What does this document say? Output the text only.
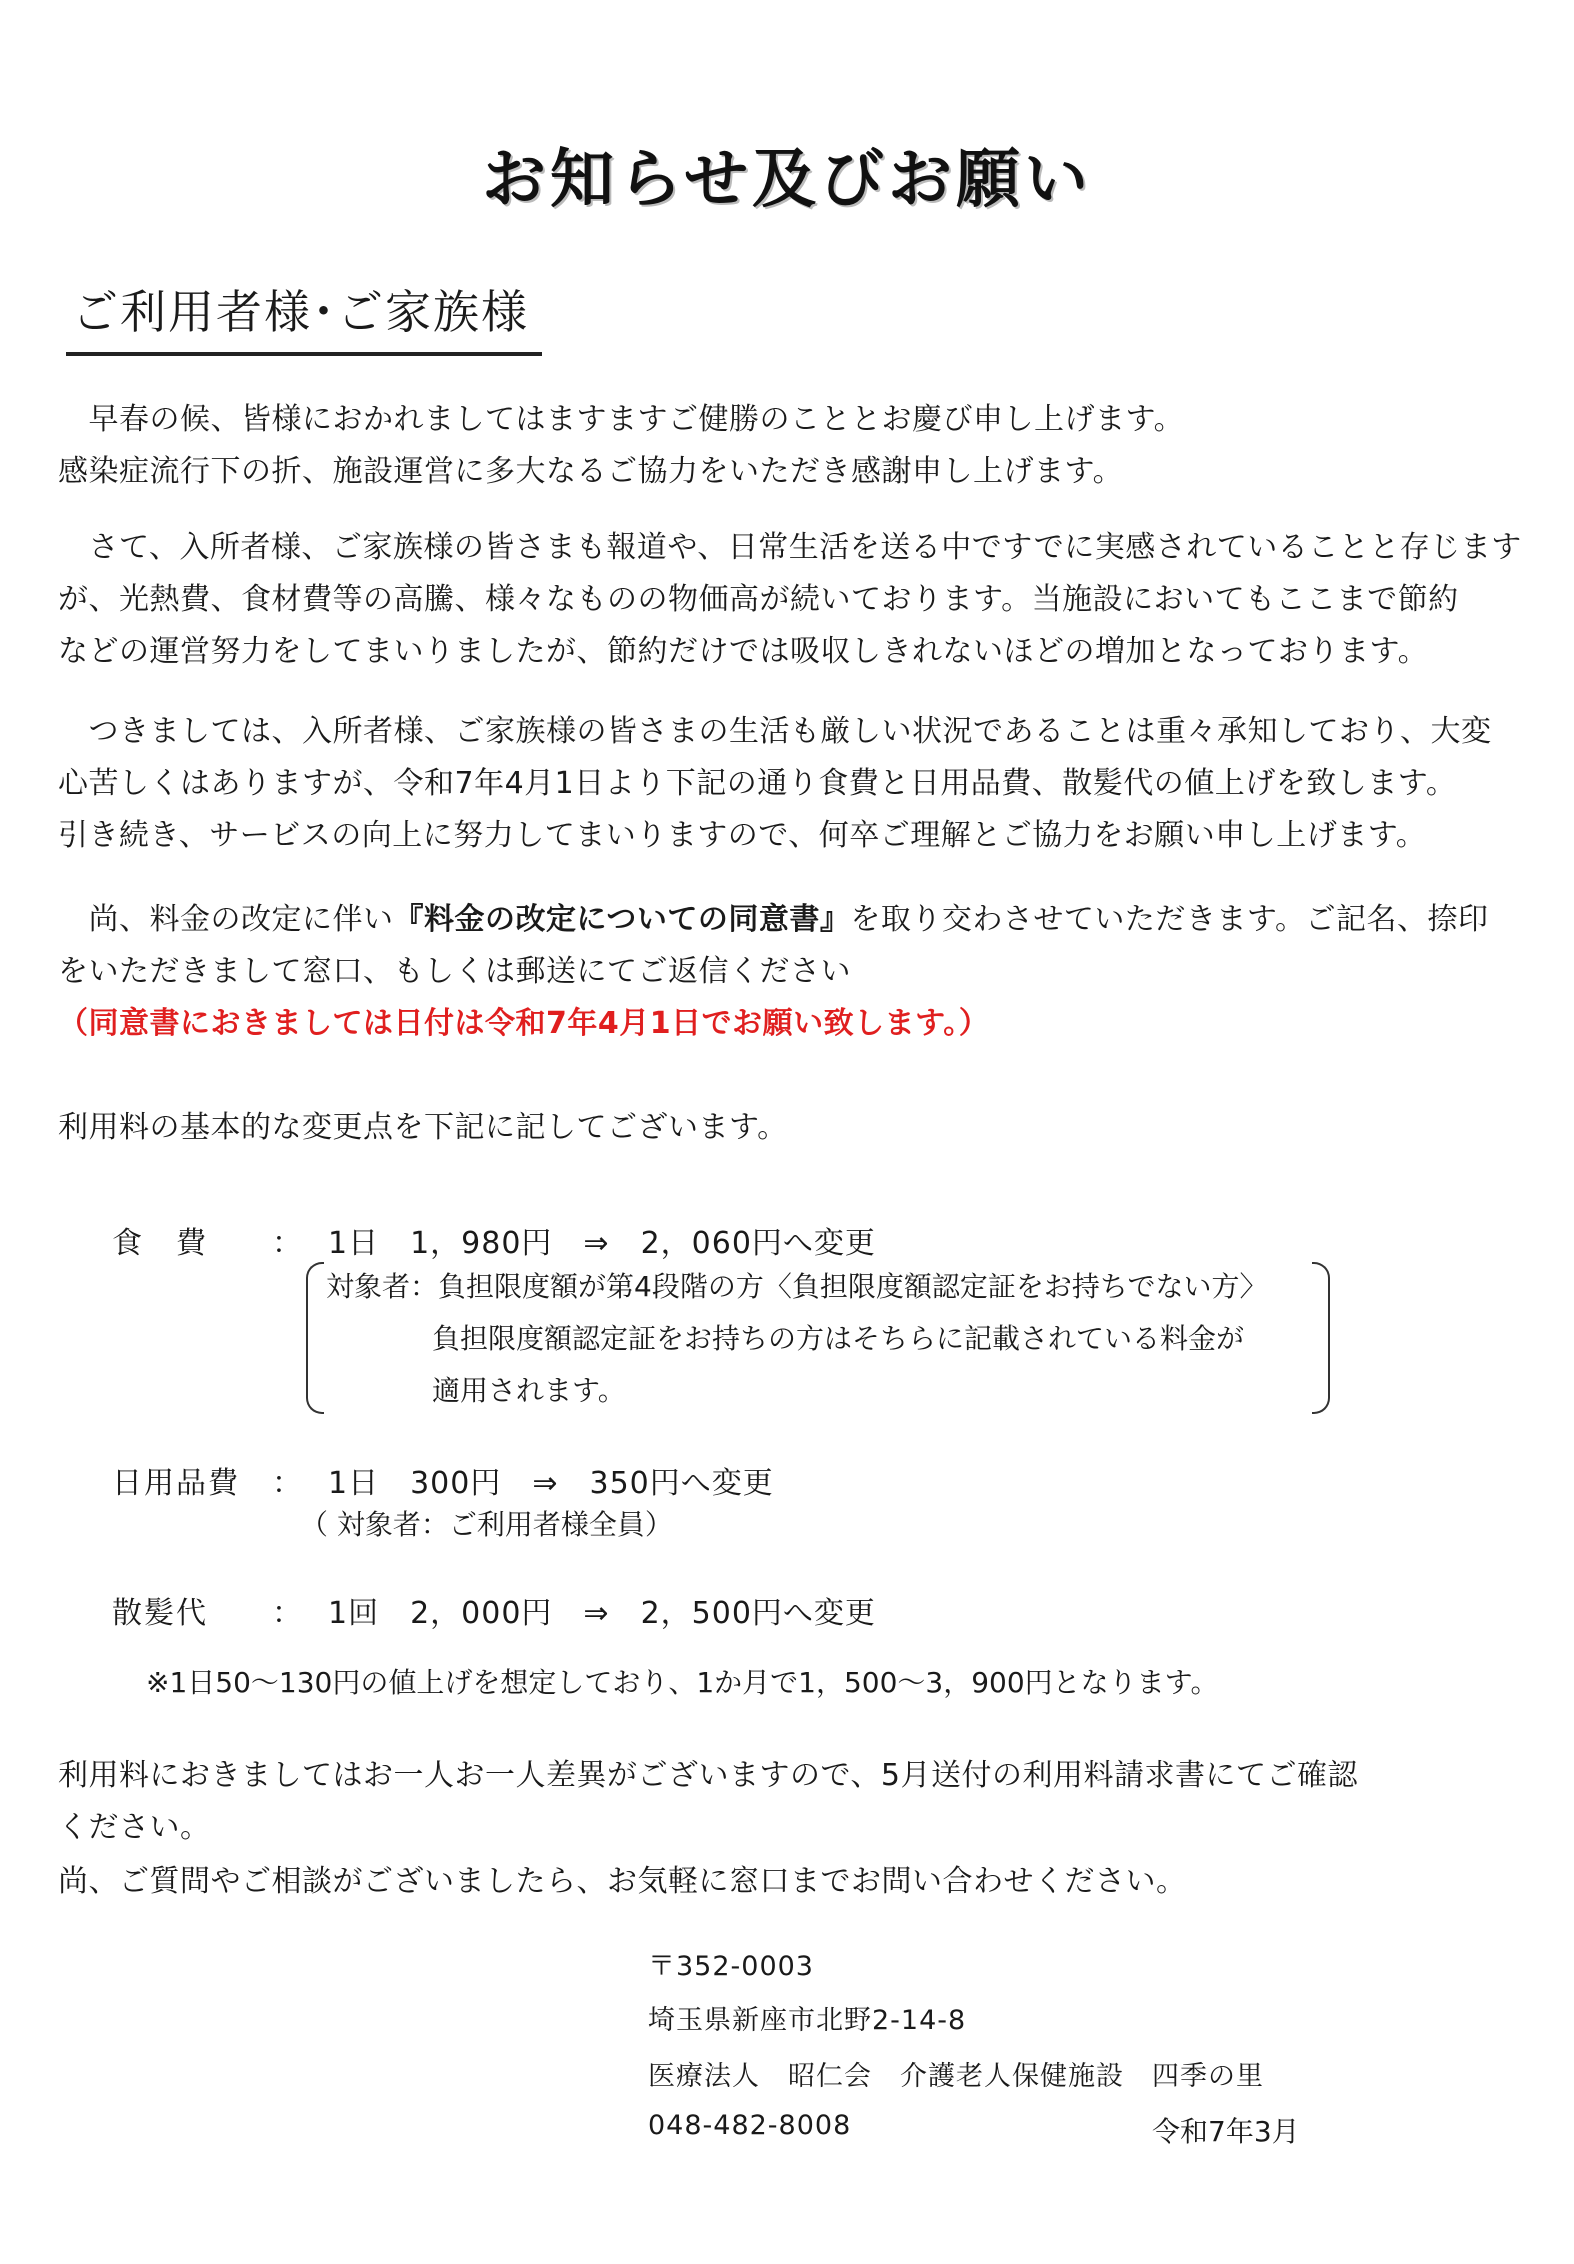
お知らせ及びお願い
ご利用者様･ご家族様

　早春の候、皆様におかれましてはますますご健勝のこととお慶び申し上げます。

感染症流行下の折、施設運営に多大なるご協力をいただき感謝申し上げます。

　さて、入所者様、ご家族様の皆さまも報道や、日常生活を送る中ですでに実感されていることと存じます

が、光熱費、食材費等の高騰、様々なものの物価高が続いております。当施設においてもここまで節約

などの運営努力をしてまいりましたが、節約だけでは吸収しきれないほどの増加となっております。

　つきましては、入所者様、ご家族様の皆さまの生活も厳しい状況であることは重々承知しており、大変

心苦しくはありますが、令和7年4月1日より下記の通り食費と日用品費、散髪代の値上げを致します。

引き続き、サービスの向上に努力してまいりますので、何卒ご理解とご協力をお願い申し上げます。

　尚、料金の改定に伴い『料金の改定についての同意書』を取り交わさせていただきます。ご記名、捺印

をいただきまして窓口、もしくは郵送にてご返信ください

（同意書におきましては日付は令和7年4月1日でお願い致します。）

利用料の基本的な変更点を下記に記してございます。

食　費 ： 1日　1，980円　⇒　2，060円へ変更
対象者：負担限度額が第4段階の方〈負担限度額認定証をお持ちでない方〉
負担限度額認定証をお持ちの方はそちらに記載されている料金が
適用されます。
日用品費 ： 1日　300円　⇒　350円へ変更
（ 対象者：ご利用者様全員）
散髪代 ： 1回　2，000円　⇒　2，500円へ変更
※1日50～130円の値上げを想定しており、1か月で1，500～3，900円となります。

利用料におきましてはお一人お一人差異がございますので、5月送付の利用料請求書にてご確認

ください。

尚、ご質問やご相談がございましたら、お気軽に窓口までお問い合わせください。

〒352-0003
埼玉県新座市北野2-14-8
医療法人　昭仁会　介護老人保健施設　四季の里
048-482-8008	令和7年3月
